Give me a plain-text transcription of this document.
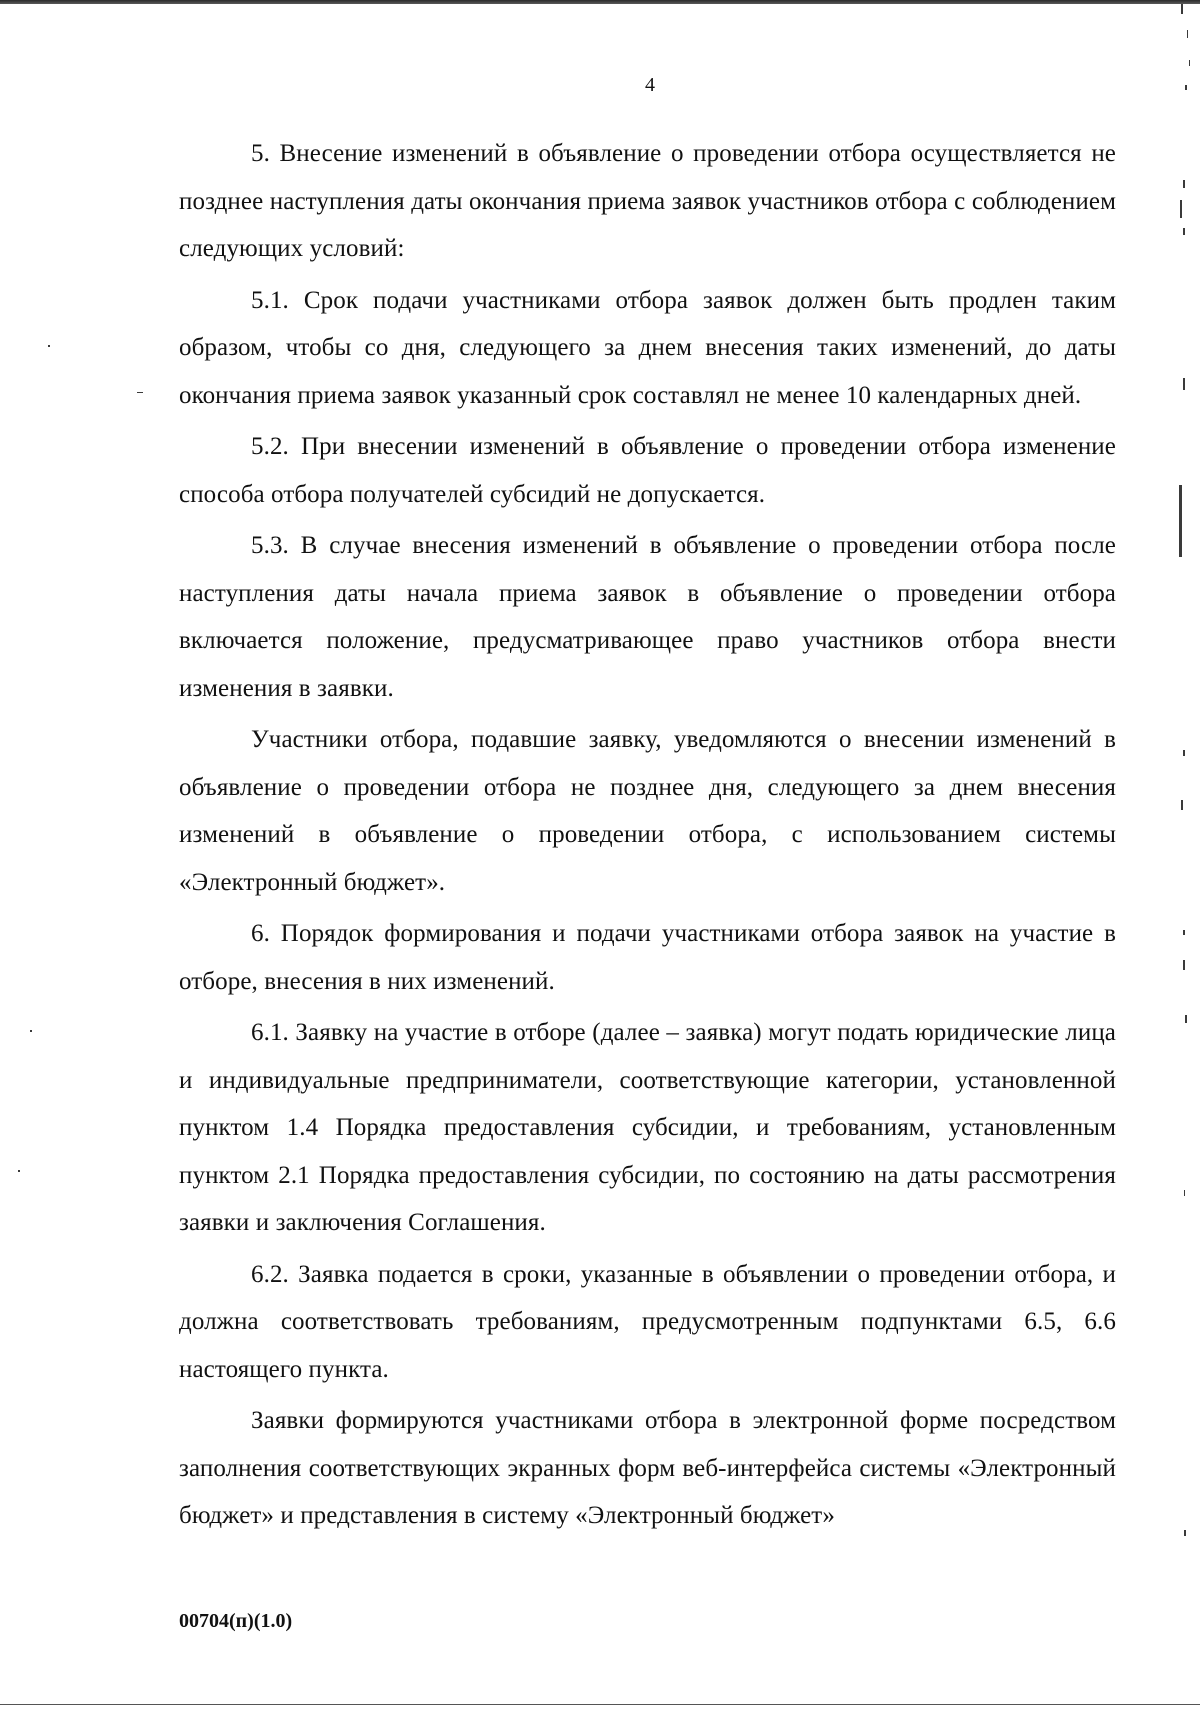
4

5. Внесение изменений в объявление о проведении отбора осуществляется не позднее наступления даты окончания приема заявок участников отбора с соблюдением следующих условий:

5.1. Срок подачи участниками отбора заявок должен быть продлен таким образом, чтобы со дня, следующего за днем внесения таких изменений, до даты окончания приема заявок указанный срок составлял не менее 10 календарных дней.

5.2. При внесении изменений в объявление о проведении отбора изменение способа отбора получателей субсидий не допускается.

5.3. В случае внесения изменений в объявление о проведении отбора после наступления даты начала приема заявок в объявление о проведении отбора включается положение, предусматривающее право участников отбора внести изменения в заявки.

Участники отбора, подавшие заявку, уведомляются о внесении изменений в объявление о проведении отбора не позднее дня, следующего за днем внесения изменений в объявление о проведении отбора, с использованием системы «Электронный бюджет».

6. Порядок формирования и подачи участниками отбора заявок на участие в отборе, внесения в них изменений.

6.1. Заявку на участие в отборе (далее – заявка) могут подать юридические лица и индивидуальные предприниматели, соответствующие категории, установленной пунктом 1.4 Порядка предоставления субсидии, и требованиям, установленным пунктом 2.1 Порядка предоставления субсидии, по состоянию на даты рассмотрения заявки и заключения Соглашения.

6.2. Заявка подается в сроки, указанные в объявлении о проведении отбора, и должна соответствовать требованиям, предусмотренным подпунктами 6.5, 6.6 настоящего пункта.

Заявки формируются участниками отбора в электронной форме посредством заполнения соответствующих экранных форм веб-интерфейса системы «Электронный бюджет» и представления в систему «Электронный бюджет»

00704(п)(1.0)
